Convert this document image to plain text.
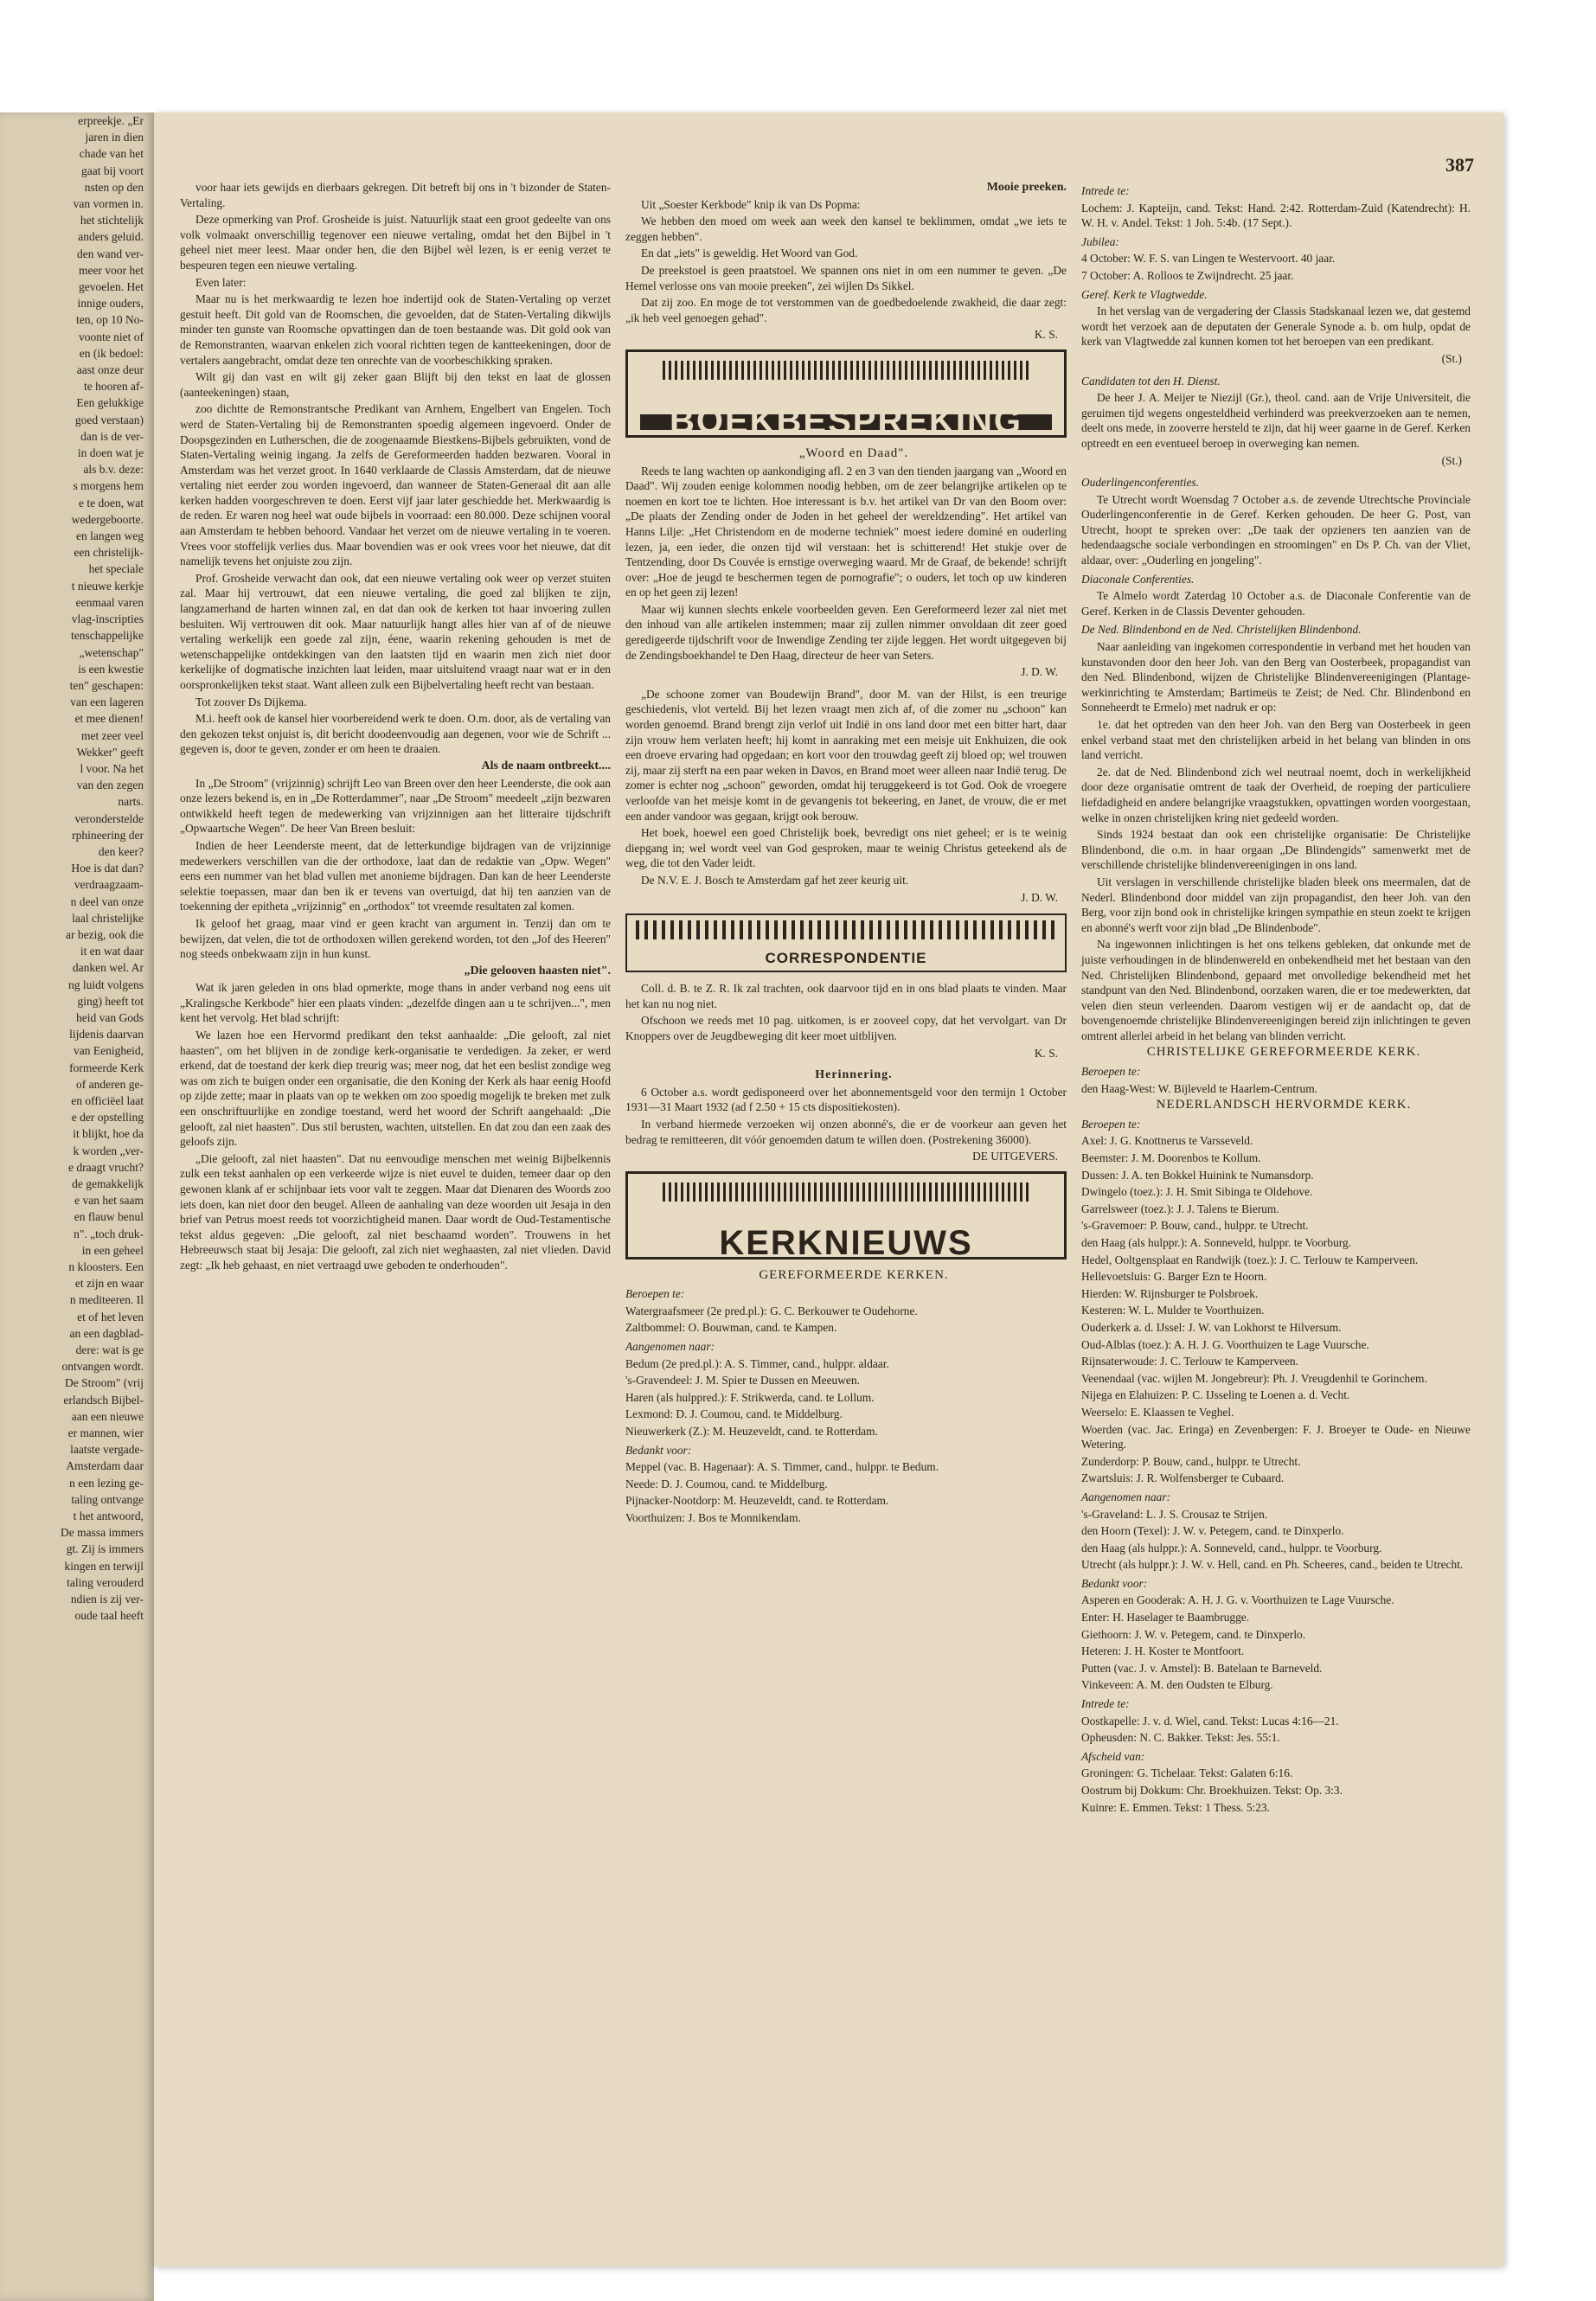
erpreekje. „Er

jaren in dien

chade van het

gaat bij voort

nsten op den

van vormen in.

het stichtelijk

anders geluid.

den wand ver-

meer voor het

gevoelen. Het

innige ouders,

ten, op 10 No-

voonte niet of

en (ik bedoel:

aast onze deur

te hooren af-

Een gelukkige

goed verstaan)

dan is de ver-

in doen wat je

als b.v. deze:

s morgens hem

e te doen, wat

wedergeboorte.

en langen weg

een christelijk-

het speciale

t nieuwe kerkje

eenmaal varen

vlag-inscripties

tenschappelijke

„wetenschap"

is een kwestie

ten" geschapen:

van een lageren

et mee dienen!

met zeer veel

Wekker" geeft

l voor. Na het

van den zegen

narts.

veronderstelde

rphineering der

den keer?

Hoe is dat dan?

verdraagzaam-

n deel van onze

laal christelijke

ar bezig, ook die

it en wat daar

danken wel. Ar

ng luidt volgens

ging) heeft tot

heid van Gods

lijdenis daarvan

van Eenigheid,

formeerde Kerk

of anderen ge-

en officiëel laat

e der opstelling

it blijkt, hoe da

k worden „ver-

e draagt vrucht?

de gemakkelijk

e van het saam

en flauw benul

n". „toch druk-

in een geheel

n kloosters. Een

et zijn en waar

n mediteeren. Il

et of het leven

an een dagblad-

dere: wat is ge

ontvangen wordt.

De Stroom" (vrij

erlandsch Bijbel-

aan een nieuwe

er mannen, wier

laatste vergade-

Amsterdam daar

n een lezing ge-

taling ontvange

t het antwoord,

De massa immers

gt. Zij is immers

kingen en terwijl

taling verouderd

ndien is zij ver-

oude taal heeft

387

voor haar iets gewijds en dierbaars gekregen. Dit betreft bij ons in 't bizonder de Staten-Vertaling.

Deze opmerking van Prof. Grosheide is juist. Natuurlijk staat een groot gedeelte van ons volk volmaakt onverschillig tegenover een nieuwe vertaling, omdat het den Bijbel in 't geheel niet meer leest. Maar onder hen, die den Bijbel wèl lezen, is er eenig verzet te bespeuren tegen een nieuwe vertaling.

Even later:

Maar nu is het merkwaardig te lezen hoe indertijd ook de Staten-Vertaling op verzet gestuit heeft. Dit gold van de Roomschen, die gevoelden, dat de Staten-Vertaling dikwijls minder ten gunste van Roomsche opvattingen dan de toen bestaande was. Dit gold ook van de Remonstranten, waarvan enkelen zich vooral richtten tegen de kantteekeningen, door de vertalers aangebracht, omdat deze ten onrechte van de voorbeschikking spraken.

Wilt gij dan vast en wilt gij zeker gaan Blijft bij den tekst en laat de glossen (aanteekeningen) staan,

zoo dichtte de Remonstrantsche Predikant van Arnhem, Engelbert van Engelen. Toch werd de Staten-Vertaling bij de Remonstranten spoedig algemeen ingevoerd. Onder de Doopsgezinden en Lutherschen, die de zoogenaamde Biestkens-Bijbels gebruikten, vond de Staten-Vertaling weinig ingang. Ja zelfs de Gereformeerden hadden bezwaren. Vooral in Amsterdam was het verzet groot. In 1640 verklaarde de Classis Amsterdam, dat de nieuwe vertaling niet eerder zou worden ingevoerd, dan wanneer de Staten-Generaal dit aan alle kerken hadden voorgeschreven te doen. Eerst vijf jaar later geschiedde het. Merkwaardig is de reden. Er waren nog heel wat oude bijbels in voorraad: een 80.000. Deze schijnen vooral aan Amsterdam te hebben behoord. Vandaar het verzet om de nieuwe vertaling in te voeren. Vrees voor stoffelijk verlies dus. Maar bovendien was er ook vrees voor het nieuwe, dat dit namelijk tevens het onjuiste zou zijn.

Prof. Grosheide verwacht dan ook, dat een nieuwe vertaling ook weer op verzet stuiten zal. Maar hij vertrouwt, dat een nieuwe vertaling, die goed zal blijken te zijn, langzamerhand de harten winnen zal, en dat dan ook de kerken tot haar invoering zullen besluiten. Wij vertrouwen dit ook. Maar natuurlijk hangt alles hier van af of de nieuwe vertaling werkelijk een goede zal zijn, éene, waarin rekening gehouden is met de wetenschappelijke ontdekkingen van den laatsten tijd en waarin men zich niet door kerkelijke of dogmatische inzichten laat leiden, maar uitsluitend vraagt naar wat er in den oorspronkelijken tekst staat. Want alleen zulk een Bijbelvertaling heeft recht van bestaan.

Tot zoover Ds Dijkema.

M.i. heeft ook de kansel hier voorbereidend werk te doen. O.m. door, als de vertaling van den gekozen tekst onjuist is, dit bericht doodeenvoudig aan degenen, voor wie de Schrift ... gegeven is, door te geven, zonder er om heen te draaien.

Als de naam ontbreekt....

In „De Stroom" (vrijzinnig) schrijft Leo van Breen over den heer Leenderste, die ook aan onze lezers bekend is, en in „De Rotterdammer", naar „De Stroom" meedeelt „zijn bezwaren ontwikkeld heeft tegen de medewerking van vrijzinnigen aan het litteraire tijdschrift „Opwaartsche Wegen". De heer Van Breen besluit:

Indien de heer Leenderste meent, dat de letterkundige bijdragen van de vrijzinnige medewerkers verschillen van die der orthodoxe, laat dan de redaktie van „Opw. Wegen" eens een nummer van het blad vullen met anonieme bijdragen. Dan kan de heer Leenderste selektie toepassen, maar dan ben ik er tevens van overtuigd, dat hij ten aanzien van de toekenning der epitheta „vrijzinnig" en „orthodox" tot vreemde resultaten zal komen.

Ik geloof het graag, maar vind er geen kracht van argument in. Tenzij dan om te bewijzen, dat velen, die tot de orthodoxen willen gerekend worden, tot den „Jof des Heeren" nog steeds onbekwaam zijn in hun kunst.

„Die gelooven haasten niet".

Wat ik jaren geleden in ons blad opmerkte, moge thans in ander verband nog eens uit „Kralingsche Kerkbode" hier een plaats vinden: „dezelfde dingen aan u te schrijven...", men kent het vervolg. Het blad schrijft:

We lazen hoe een Hervormd predikant den tekst aanhaalde: „Die gelooft, zal niet haasten", om het blijven in de zondige kerk-organisatie te verdedigen. Ja zeker, er werd erkend, dat de toestand der kerk diep treurig was; meer nog, dat het een beslist zondige weg was om zich te buigen onder een organisatie, die den Koning der Kerk als haar eenig Hoofd op zijde zette; maar in plaats van op te wekken om zoo spoedig mogelijk te breken met zulk een onschriftuurlijke en zondige toestand, werd het woord der Schrift aangehaald: „Die gelooft, zal niet haasten". Dus stil berusten, wachten, uitstellen. En dat zou dan een zaak des geloofs zijn.

„Die gelooft, zal niet haasten". Dat nu eenvoudige menschen met weinig Bijbelkennis zulk een tekst aanhalen op een verkeerde wijze is niet euvel te duiden, temeer daar op den gewonen klank af er schijnbaar iets voor valt te zeggen. Maar dat Dienaren des Woords zoo iets doen, kan niet door den beugel. Alleen de aanhaling van deze woorden uit Jesaja in den brief van Petrus moest reeds tot voorzichtigheid manen. Daar wordt de Oud-Testamentische tekst aldus gegeven: „Die gelooft, zal niet beschaamd worden". Trouwens in het Hebreeuwsch staat bij Jesaja: Die gelooft, zal zich niet weghaasten, zal niet vlieden. David zegt: „Ik heb gehaast, en niet vertraagd uwe geboden te onderhouden".

Mooie preeken.

Uit „Soester Kerkbode" knip ik van Ds Popma:

We hebben den moed om week aan week den kansel te beklimmen, omdat „we iets te zeggen hebben".

En dat „iets" is geweldig. Het Woord van God.

De preekstoel is geen praatstoel. We spannen ons niet in om een nummer te geven. „De Hemel verlosse ons van mooie preeken", zei wijlen Ds Sikkel.

Dat zij zoo. En moge de tot verstommen van de goedbedoelende zwakheid, die daar zegt: „ik heb veel genoegen gehad".

K. S.

BOEKBESPREKING

„Woord en Daad".

Reeds te lang wachten op aankondiging afl. 2 en 3 van den tienden jaargang van „Woord en Daad". Wij zouden eenige kolommen noodig hebben, om de zeer belangrijke artikelen op te noemen en kort toe te lichten. Hoe interessant is b.v. het artikel van Dr van den Boom over: „De plaats der Zending onder de Joden in het geheel der wereldzending". Het artikel van Hanns Lilje: „Het Christendom en de moderne techniek" moest iedere dominé en ouderling lezen, ja, een ieder, die onzen tijd wil verstaan: het is schitterend! Het stukje over de Tentzending, door Ds Couvée is ernstige overweging waard. Mr de Graaf, de bekende! schrijft over: „Hoe de jeugd te beschermen tegen de pornografie"; o ouders, let toch op uw kinderen en op het geen zij lezen!

Maar wij kunnen slechts enkele voorbeelden geven. Een Gereformeerd lezer zal niet met den inhoud van alle artikelen instemmen; maar zij zullen nimmer onvoldaan dit zeer goed geredigeerde tijdschrift voor de Inwendige Zending ter zijde leggen. Het wordt uitgegeven bij de Zendingsboekhandel te Den Haag, directeur de heer van Seters.

J. D. W.

„De schoone zomer van Boudewijn Brand", door M. van der Hilst, is een treurige geschiedenis, vlot verteld. Bij het lezen vraagt men zich af, of die zomer nu „schoon" kan worden genoemd. Brand brengt zijn verlof uit Indië in ons land door met een bitter hart, daar zijn vrouw hem verlaten heeft; hij komt in aanraking met een meisje uit Enkhuizen, die ook een droeve ervaring had opgedaan; en kort voor den trouwdag geeft zij bloed op; wel trouwen zij, maar zij sterft na een paar weken in Davos, en Brand moet weer alleen naar Indië terug. De zomer is echter nog „schoon" geworden, omdat hij teruggekeerd is tot God. Ook de vroegere verloofde van het meisje komt in de gevangenis tot bekeering, en Janet, de vrouw, die er met een ander vandoor was gegaan, krijgt ook berouw.

Het boek, hoewel een goed Christelijk boek, bevredigt ons niet geheel; er is te weinig diepgang in; wel wordt veel van God gesproken, maar te weinig Christus geteekend als de weg, die tot den Vader leidt.

De N.V. E. J. Bosch te Amsterdam gaf het zeer keurig uit.

J. D. W.

CORRESPONDENTIE

Coll. d. B. te Z. R. Ik zal trachten, ook daarvoor tijd en in ons blad plaats te vinden. Maar het kan nu nog niet.

Ofschoon we reeds met 10 pag. uitkomen, is er zooveel copy, dat het vervolgart. van Dr Knoppers over de Jeugdbeweging dit keer moet uitblijven.

K. S.

Herinnering.

6 October a.s. wordt gedisponeerd over het abonnementsgeld voor den termijn 1 October 1931—31 Maart 1932 (ad f 2.50 + 15 cts dispositiekosten).

In verband hiermede verzoeken wij onzen abonné's, die er de voorkeur aan geven het bedrag te remitteeren, dit vóór genoemden datum te willen doen. (Postrekening 36000).

DE UITGEVERS.

KERKNIEUWS

GEREFORMEERDE KERKEN.

Beroepen te:

Watergraafsmeer (2e pred.pl.): G. C. Berkouwer te Oudehorne.

Zaltbommel: O. Bouwman, cand. te Kampen.

Aangenomen naar:

Bedum (2e pred.pl.): A. S. Timmer, cand., hulppr. aldaar.

's-Gravendeel: J. M. Spier te Dussen en Meeuwen.

Haren (als hulppred.): F. Strikwerda, cand. te Lollum.

Lexmond: D. J. Coumou, cand. te Middelburg.

Nieuwerkerk (Z.): M. Heuzeveldt, cand. te Rotterdam.

Bedankt voor:

Meppel (vac. B. Hagenaar): A. S. Timmer, cand., hulppr. te Bedum.

Neede: D. J. Coumou, cand. te Middelburg.

Pijnacker-Nootdorp: M. Heuzeveldt, cand. te Rotterdam.

Voorthuizen: J. Bos te Monnikendam.

Intrede te:

Lochem: J. Kapteijn, cand. Tekst: Hand. 2:42. Rotterdam-Zuid (Katendrecht): H. W. H. v. Andel. Tekst: 1 Joh. 5:4b. (17 Sept.).

Jubilea:

4 October: W. F. S. van Lingen te Westervoort. 40 jaar.

7 October: A. Rolloos te Zwijndrecht. 25 jaar.

Geref. Kerk te Vlagtwedde.

In het verslag van de vergadering der Classis Stadskanaal lezen we, dat gestemd wordt het verzoek aan de deputaten der Generale Synode a. b. om hulp, opdat de kerk van Vlagtwedde zal kunnen komen tot het beroepen van een predikant.

(St.)

Candidaten tot den H. Dienst.

De heer J. A. Meijer te Niezijl (Gr.), theol. cand. aan de Vrije Universiteit, die geruimen tijd wegens ongesteldheid verhinderd was preekverzoeken aan te nemen, deelt ons mede, in zooverre hersteld te zijn, dat hij weer gaarne in de Geref. Kerken optreedt en een eventueel beroep in overweging kan nemen.

(St.)

Ouderlingenconferenties.

Te Utrecht wordt Woensdag 7 October a.s. de zevende Utrechtsche Provinciale Ouderlingenconferentie in de Geref. Kerken gehouden. De heer G. Post, van Utrecht, hoopt te spreken over: „De taak der opzieners ten aanzien van de hedendaagsche sociale verbondingen en stroomingen" en Ds P. Ch. van der Vliet, aldaar, over: „Ouderling en jongeling".

Diaconale Conferenties.

Te Almelo wordt Zaterdag 10 October a.s. de Diaconale Conferentie van de Geref. Kerken in de Classis Deventer gehouden.

De Ned. Blindenbond en de Ned. Christelijken Blindenbond.

Naar aanleiding van ingekomen correspondentie in verband met het houden van kunstavonden door den heer Joh. van den Berg van Oosterbeek, propagandist van den Ned. Blindenbond, wijzen de Christelijke Blindenvereenigingen (Plantage-werkinrichting te Amsterdam; Bartimeüs te Zeist; de Ned. Chr. Blindenbond en Sonneheerdt te Ermelo) met nadruk er op:

1e. dat het optreden van den heer Joh. van den Berg van Oosterbeek in geen enkel verband staat met den christelijken arbeid in het belang van blinden in ons land verricht.

2e. dat de Ned. Blindenbond zich wel neutraal noemt, doch in werkelijkheid door deze organisatie omtrent de taak der Overheid, de roeping der particuliere liefdadigheid en andere belangrijke vraagstukken, opvattingen worden voorgestaan, welke in onzen christelijken kring niet gedeeld worden.

Sinds 1924 bestaat dan ook een christelijke organisatie: De Christelijke Blindenbond, die o.m. in haar orgaan „De Blindengids" samenwerkt met de verschillende christelijke blindenvereenigingen in ons land.

Uit verslagen in verschillende christelijke bladen bleek ons meermalen, dat de Nederl. Blindenbond door middel van zijn propagandist, den heer Joh. van den Berg, voor zijn bond ook in christelijke kringen sympathie en steun zoekt te krijgen en abonné's werft voor zijn blad „De Blindenbode".

Na ingewonnen inlichtingen is het ons telkens gebleken, dat onkunde met de juiste verhoudingen in de blindenwereld en onbekendheid met het bestaan van den Ned. Christelijken Blindenbond, gepaard met onvolledige bekendheid met het standpunt van den Ned. Blindenbond, oorzaken waren, die er toe medewerkten, dat velen dien steun verleenden. Daarom vestigen wij er de aandacht op, dat de bovengenoemde christelijke Blindenvereenigingen bereid zijn inlichtingen te geven omtrent allerlei arbeid in het belang van blinden verricht.

CHRISTELIJKE GEREFORMEERDE KERK.

Beroepen te:

den Haag-West: W. Bijleveld te Haarlem-Centrum.

NEDERLANDSCH HERVORMDE KERK.

Beroepen te:

Axel: J. G. Knottnerus te Varsseveld.

Beemster: J. M. Doorenbos te Kollum.

Dussen: J. A. ten Bokkel Huinink te Numansdorp.

Dwingelo (toez.): J. H. Smit Sibinga te Oldehove.

Garrelsweer (toez.): J. J. Talens te Bierum.

's-Gravemoer: P. Bouw, cand., hulppr. te Utrecht.

den Haag (als hulppr.): A. Sonneveld, hulppr. te Voorburg.

Hedel, Ooltgensplaat en Randwijk (toez.): J. C. Terlouw te Kamperveen.

Hellevoetsluis: G. Barger Ezn te Hoorn.

Hierden: W. Rijnsburger te Polsbroek.

Kesteren: W. L. Mulder te Voorthuizen.

Ouderkerk a. d. IJssel: J. W. van Lokhorst te Hilversum.

Oud-Alblas (toez.): A. H. J. G. Voorthuizen te Lage Vuursche.

Rijnsaterwoude: J. C. Terlouw te Kamperveen.

Veenendaal (vac. wijlen M. Jongebreur): Ph. J. Vreugdenhil te Gorinchem.

Nijega en Elahuizen: P. C. IJsseling te Loenen a. d. Vecht.

Weerselo: E. Klaassen te Veghel.

Woerden (vac. Jac. Eringa) en Zevenbergen: F. J. Broeyer te Oude- en Nieuwe Wetering.

Zunderdorp: P. Bouw, cand., hulppr. te Utrecht.

Zwartsluis: J. R. Wolfensberger te Cubaard.

Aangenomen naar:

's-Graveland: L. J. S. Crousaz te Strijen.

den Hoorn (Texel): J. W. v. Petegem, cand. te Dinxperlo.

den Haag (als hulppr.): A. Sonneveld, cand., hulppr. te Voorburg.

Utrecht (als hulppr.): J. W. v. Hell, cand. en Ph. Scheeres, cand., beiden te Utrecht.

Bedankt voor:

Asperen en Gooderak: A. H. J. G. v. Voorthuizen te Lage Vuursche.

Enter: H. Haselager te Baambrugge.

Giethoorn: J. W. v. Petegem, cand. te Dinxperlo.

Heteren: J. H. Koster te Montfoort.

Putten (vac. J. v. Amstel): B. Batelaan te Barneveld.

Vinkeveen: A. M. den Oudsten te Elburg.

Intrede te:

Oostkapelle: J. v. d. Wiel, cand. Tekst: Lucas 4:16—21.

Opheusden: N. C. Bakker. Tekst: Jes. 55:1.

Afscheid van:

Groningen: G. Tichelaar. Tekst: Galaten 6:16.

Oostrum bij Dokkum: Chr. Broekhuizen. Tekst: Op. 3:3.

Kuinre: E. Emmen. Tekst: 1 Thess. 5:23.
